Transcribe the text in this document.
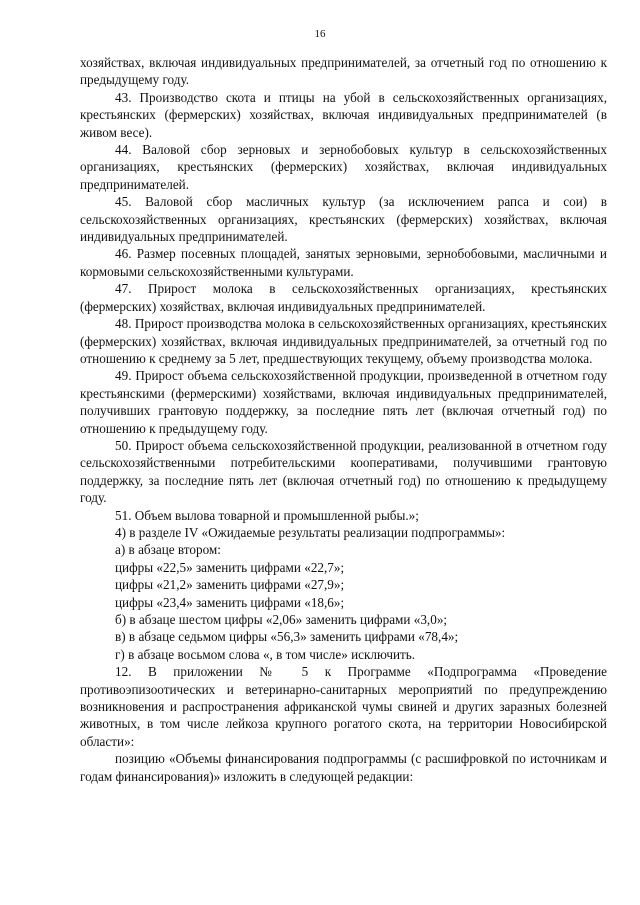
16

хозяйствах, включая индивидуальных предпринимателей, за отчетный год по отношению к предыдущему году.

43. Производство скота и птицы на убой в сельскохозяйственных организациях, крестьянских (фермерских) хозяйствах, включая индивидуальных предпринимателей (в живом весе).

44. Валовой сбор зерновых и зернобобовых культур в сельскохозяйственных организациях, крестьянских (фермерских) хозяйствах, включая индивидуальных предпринимателей.

45. Валовой сбор масличных культур (за исключением рапса и сои) в сельскохозяйственных организациях, крестьянских (фермерских) хозяйствах, включая индивидуальных предпринимателей.

46. Размер посевных площадей, занятых зерновыми, зернобобовыми, масличными и кормовыми сельскохозяйственными культурами.

47. Прирост молока в сельскохозяйственных организациях, крестьянских (фермерских) хозяйствах, включая индивидуальных предпринимателей.

48. Прирост производства молока в сельскохозяйственных организациях, крестьянских (фермерских) хозяйствах, включая индивидуальных предпринимателей, за отчетный год по отношению к среднему за 5 лет, предшествующих текущему, объему производства молока.

49. Прирост объема сельскохозяйственной продукции, произведенной в отчетном году крестьянскими (фермерскими) хозяйствами, включая индивидуальных предпринимателей, получивших грантовую поддержку, за последние пять лет (включая отчетный год) по отношению к предыдущему году.

50. Прирост объема сельскохозяйственной продукции, реализованной в отчетном году сельскохозяйственными потребительскими кооперативами, получившими грантовую поддержку, за последние пять лет (включая отчетный год) по отношению к предыдущему году.

51. Объем вылова товарной и промышленной рыбы.»;

4) в разделе IV «Ожидаемые результаты реализации подпрограммы»:

а) в абзаце втором:

цифры «22,5» заменить цифрами «22,7»;

цифры «21,2» заменить цифрами «27,9»;

цифры «23,4» заменить цифрами «18,6»;

б) в абзаце шестом цифры «2,06» заменить цифрами «3,0»;

в) в абзаце седьмом цифры «56,3» заменить цифрами «78,4»;

г) в абзаце восьмом слова «, в том числе» исключить.

12. В приложении № 5 к Программе «Подпрограмма «Проведение противоэпизоотических и ветеринарно-санитарных мероприятий по предупреждению возникновения и распространения африканской чумы свиней и других заразных болезней животных, в том числе лейкоза крупного рогатого скота, на территории Новосибирской области»:

позицию «Объемы финансирования подпрограммы (с расшифровкой по источникам и годам финансирования)» изложить в следующей редакции:
